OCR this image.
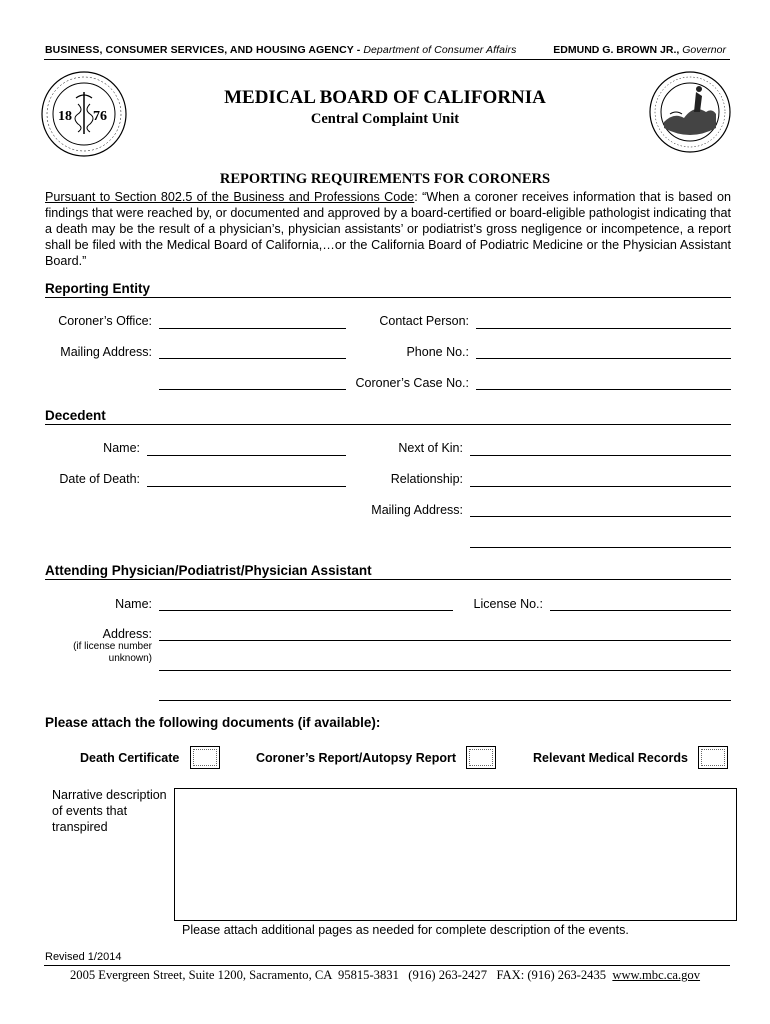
BUSINESS, CONSUMER SERVICES, AND HOUSING AGENCY - Department of Consumer Affairs	EDMUND G. BROWN JR., Governor
18 76
MEDICAL BOARD OF CALIFORNIA
Central Complaint Unit
REPORTING REQUIREMENTS FOR CORONERS
Pursuant to Section 802.5 of the Business and Professions Code: “When a coroner receives information that is based on findings that were reached by, or documented and approved by a board-certified or board-eligible pathologist indicating that a death may be the result of a physician’s, physician assistants’ or podiatrist’s gross negligence or incompetence, a report shall be filed with the Medical Board of California,…or the California Board of Podiatric Medicine or the Physician Assistant Board.”
Reporting Entity
Coroner’s Office:	Contact Person:
Mailing Address:	Phone No.:
Coroner’s Case No.:
Decedent
Name:	Next of Kin:
Date of Death:	Relationship:
Mailing Address:
Attending Physician/Podiatrist/Physician Assistant
Name:	License No.:
Address:
(if license number
unknown)
Please attach the following documents (if available):
Death Certificate	Coroner’s Report/Autopsy Report	Relevant Medical Records
Narrative description of events that transpired
Please attach additional pages as needed for complete description of the events.
Revised 1/2014
2005 Evergreen Street, Suite 1200, Sacramento, CA  95815-3831   (916) 263-2427   FAX: (916) 263-2435  www.mbc.ca.gov
